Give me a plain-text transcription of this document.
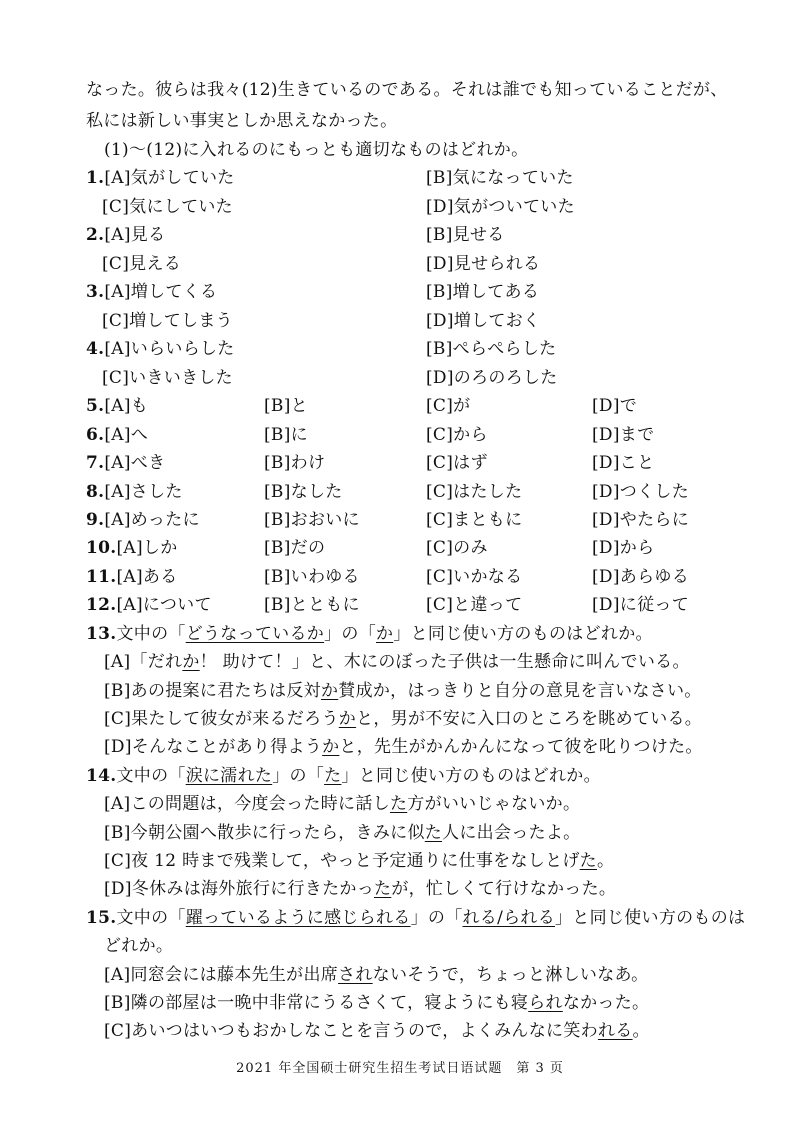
なった。彼らは我々(12)生きているのである。それは誰でも知っていることだが、
私には新しい事実としか思えなかった。
(1)～(12)に入れるのにもっとも適切なものはどれか。
1.[A]気がしていた	[B]気になっていた
[C]気にしていた	[D]気がついていた
2.[A]見る	[B]見せる
[C]見える	[D]見せられる
3.[A]増してくる	[B]増してある
[C]増してしまう	[D]増しておく
4.[A]いらいらした	[B]ぺらぺらした
[C]いきいきした	[D]のろのろした
5.[A]も	[B]と	[C]が	[D]で
6.[A]へ	[B]に	[C]から	[D]まで
7.[A]べき	[B]わけ	[C]はず	[D]こと
8.[A]さした	[B]なした	[C]はたした	[D]つくした
9.[A]めったに	[B]おおいに	[C]まともに	[D]やたらに
10.[A]しか	[B]だの	[C]のみ	[D]から
11.[A]ある	[B]いわゆる	[C]いかなる	[D]あらゆる
12.[A]について	[B]とともに	[C]と違って	[D]に従って
13.文中の「どうなっているか」の「か」と同じ使い方のものはどれか。
[A]「だれか！ 助けて！」と、木にのぼった子供は一生懸命に叫んでいる。
[B]あの提案に君たちは反対か賛成か，はっきりと自分の意見を言いなさい。
[C]果たして彼女が来るだろうかと，男が不安に入口のところを眺めている。
[D]そんなことがあり得ようかと，先生がかんかんになって彼を叱りつけた。
14.文中の「涙に濡れた」の「た」と同じ使い方のものはどれか。
[A]この問題は，今度会った時に話した方がいいじゃないか。
[B]今朝公園へ散歩に行ったら，きみに似た人に出会ったよ。
[C]夜 12 時まで残業して，やっと予定通りに仕事をなしとげた。
[D]冬休みは海外旅行に行きたかったが，忙しくて行けなかった。
15.文中の「躍っているように感じられる」の「れる/られる」と同じ使い方のものは
どれか。
[A]同窓会には藤本先生が出席されないそうで，ちょっと淋しいなあ。
[B]隣の部屋は一晩中非常にうるさくて，寝ようにも寝られなかった。
[C]あいつはいつもおかしなことを言うので，よくみんなに笑われる。
2021 年全国硕士研究生招生考试日语试题　第 3 页
